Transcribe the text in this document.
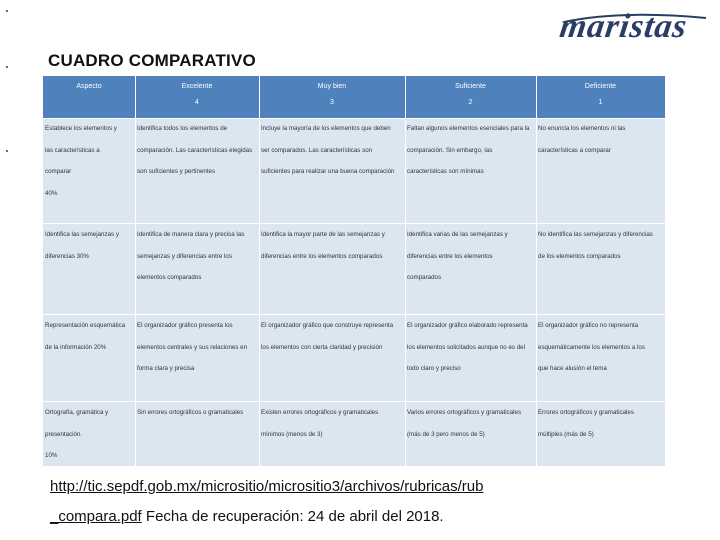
maristas
CUADRO COMPARATIVO
Aspecto	Excelente
4
Muy bien
3
Suficiente
2
Deficiente
1
Establece los elementos y
las características a
comparar
40%
Identifica todos los elementos de
comparación. Las características elegidas
son suficientes y pertinentes
Incluye la mayoría de los elementos que deben
ser comparados. Las características son
suficientes para realizar una buena comparación
Faltan algunos elementos esenciales para la
comparación. Sin embargo, las
características son mínimas
No enuncia los elementos ni las
características a comparar
Identifica las semejanzas y
diferencias 30%
Identifica de manera clara y precisa las
semejanzas y diferencias entre los
elementos comparados
Identifica la mayor parte de las semejanzas y
diferencias entre los elementos comparados
Identifica varias de las semejanzas y
diferencias entre los elementos
comparados
No identifica las semejanzas y diferencias
de los elementos comparados
Representación esquemática
de la información 20%
El organizador gráfico presenta los
elementos centrales y sus relaciones en
forma clara y precisa
El organizador gráfico que construye representa
los elementos con cierta claridad y precisión
El organizador gráfico elaborado representa
los elementos solicitados aunque no es del
todo claro y preciso
El organizador gráfico no representa
esquemáticamente los elementos a los
que hace alusión el tema
Ortografía, gramática y
presentación.
10%
Sin errores ortográficos o gramaticales	Existen errores ortográficos y gramaticales
mínimos (menos de 3)
Varios errores ortográficos y gramaticales
(más de 3 pero menos de 5)
Errores ortográficos y gramaticales
múltiples (más de 5)
http://tic.sepdf.gob.mx/micrositio/micrositio3/archivos/rubricas/rub
_compara.pdf Fecha de recuperación: 24 de abril del 2018.
